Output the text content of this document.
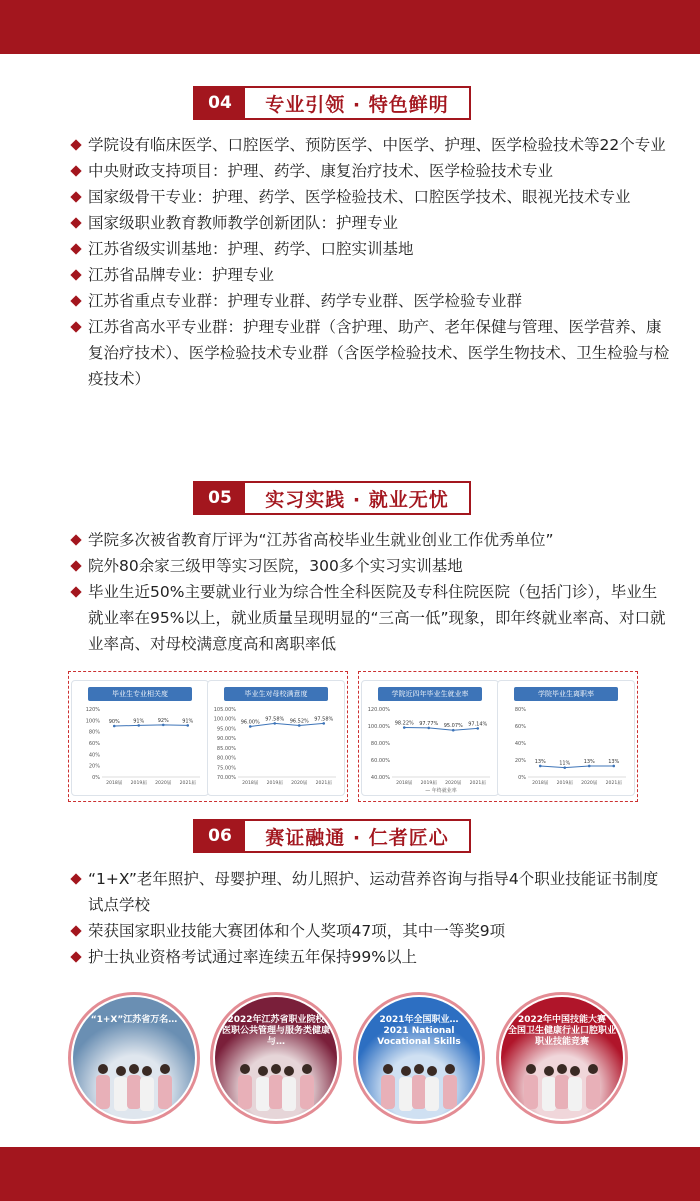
04	专业引领 · 特色鲜明
学院设有临床医学、口腔医学、预防医学、中医学、护理、医学检验技术等22个专业
中央财政支持项目：护理、药学、康复治疗技术、医学检验技术专业
国家级骨干专业：护理、药学、医学检验技术、口腔医学技术、眼视光技术专业
国家级职业教育教师教学创新团队：护理专业
江苏省级实训基地：护理、药学、口腔实训基地
江苏省品牌专业：护理专业
江苏省重点专业群：护理专业群、药学专业群、医学检验专业群
江苏省高水平专业群：护理专业群（含护理、助产、老年保健与管理、医学营养、康复治疗技术）、医学检验技术专业群（含医学检验技术、医学生物技术、卫生检验与检疫技术）
05	实习实践 · 就业无忧
学院多次被省教育厅评为“江苏省高校毕业生就业创业工作优秀单位”
院外80余家三级甲等实习医院，300多个实习实训基地
毕业生近50%主要就业行业为综合性全科医院及专科住院医院（包括门诊），毕业生就业率在95%以上，就业质量呈现明显的“三高一低”现象，即年终就业率高、对口就业率高、对母校满意度高和离职率低
120%
100%
80%
60%
40%
20%
0%
90%
2018届
91%
2019届
92%
2020届
91%
2021届
毕业生专业相关度
105.00%
100.00%
95.00%
90.00%
85.00%
80.00%
75.00%
70.00%
96.00%
2018届
97.58%
2019届
96.52%
2020届
97.58%
2021届
毕业生对母校满意度
120.00%
100.00%
80.00%
60.00%
40.00%
98.22%
2018届
97.77%
2019届
95.07%
2020届
97.14%
2021届
— 年终就业率
学院近四年毕业生就业率
80%
60%
40%
20%
0%
13%
2018届
11%
2019届
13%
2020届
13%
2021届
学院毕业生离职率
06	赛证融通 · 仁者匠心
“1+X”老年照护、母婴护理、幼儿照护、运动营养咨询与指导4个职业技能证书制度试点学校
荣获国家职业技能大赛团体和个人奖项47项，其中一等奖9项
护士执业资格考试通过率连续五年保持99%以上
“1+X”江苏省万名…	2022年江苏省职业院校
医职公共管理与服务类健康与…
2021年全国职业…
2021 National Vocational Skills
2022年中国技能大赛
全国卫生健康行业口腔职业
职业技能竞赛
